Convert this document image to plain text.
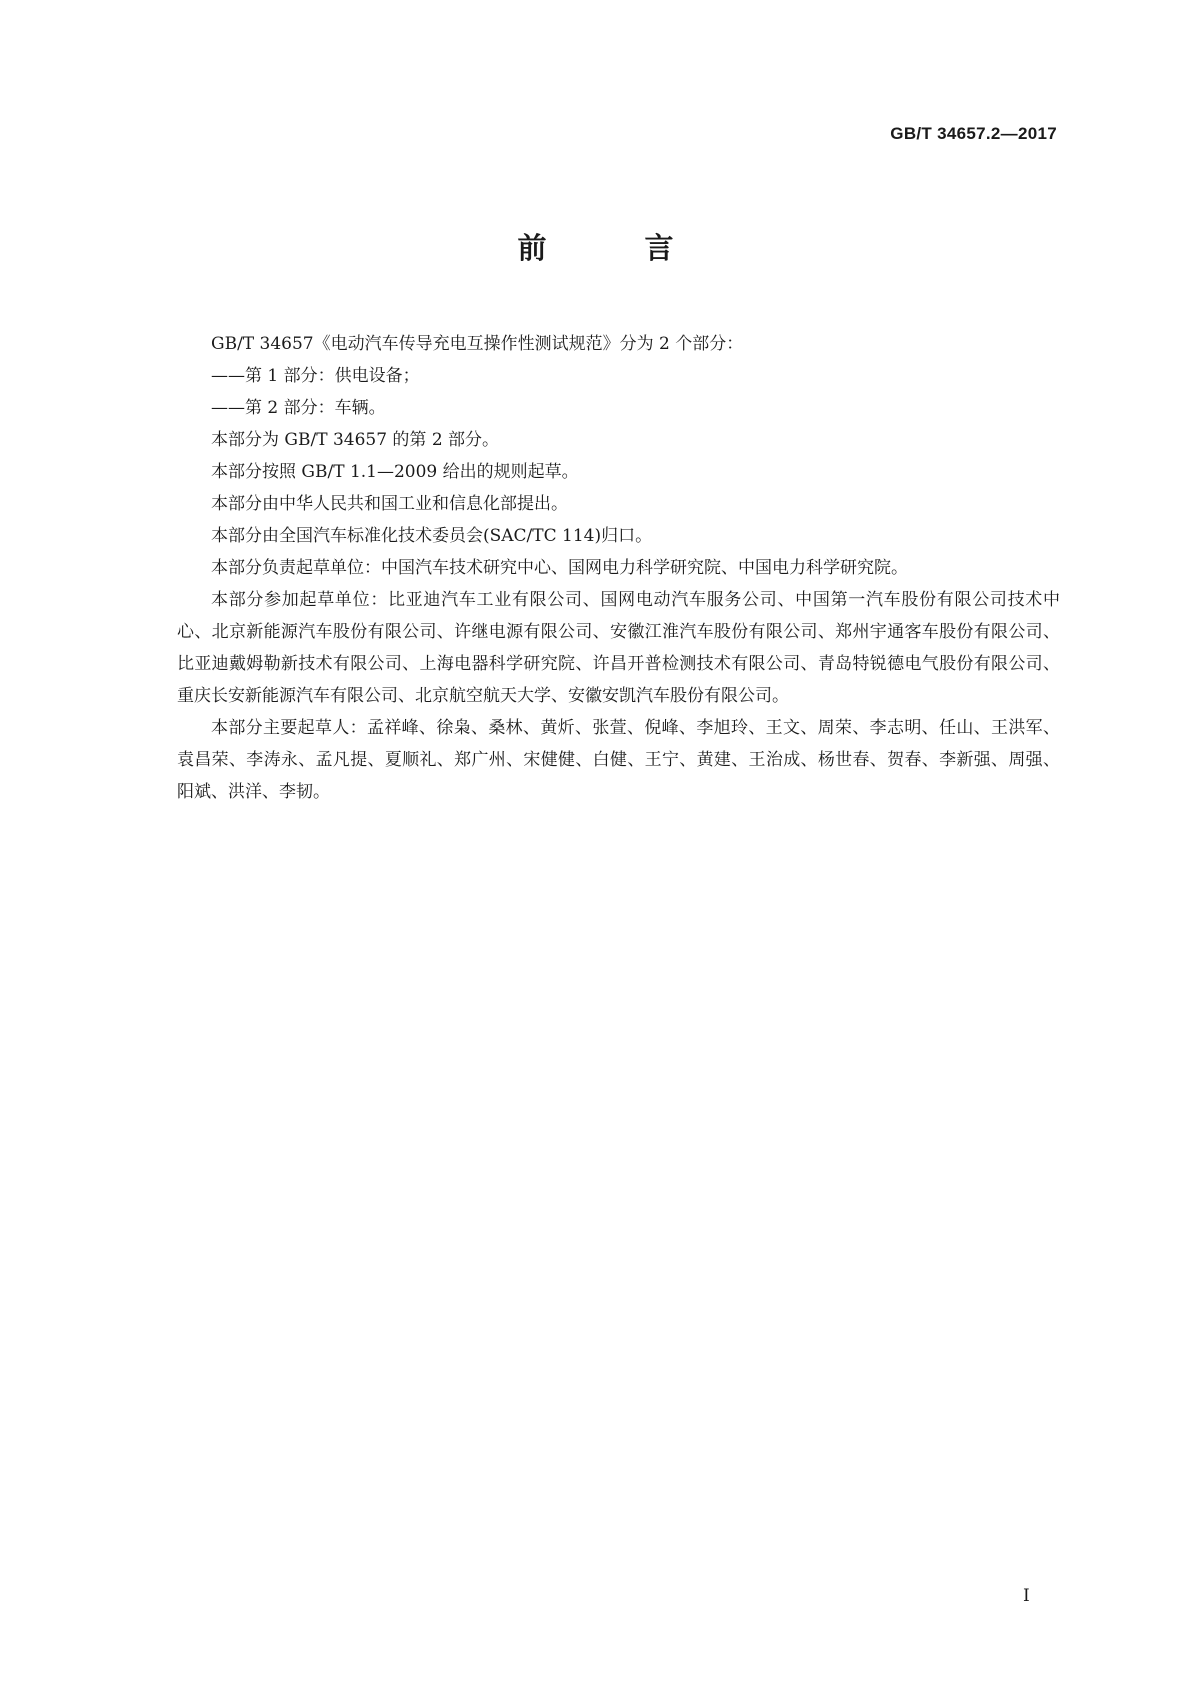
GB/T 34657.2—2017
前 言

GB/T 34657《电动汽车传导充电互操作性测试规范》分为 2 个部分：

——第 1 部分：供电设备；

——第 2 部分：车辆。

本部分为 GB/T 34657 的第 2 部分。

本部分按照 GB/T 1.1—2009 给出的规则起草。

本部分由中华人民共和国工业和信息化部提出。

本部分由全国汽车标准化技术委员会(SAC/TC 114)归口。

本部分负责起草单位：中国汽车技术研究中心、国网电力科学研究院、中国电力科学研究院。

本部分参加起草单位：比亚迪汽车工业有限公司、国网电动汽车服务公司、中国第一汽车股份有限公司技术中心、北京新能源汽车股份有限公司、许继电源有限公司、安徽江淮汽车股份有限公司、郑州宇通客车股份有限公司、比亚迪戴姆勒新技术有限公司、上海电器科学研究院、许昌开普检测技术有限公司、青岛特锐德电气股份有限公司、重庆长安新能源汽车有限公司、北京航空航天大学、安徽安凯汽车股份有限公司。

本部分主要起草人：孟祥峰、徐枭、桑林、黄炘、张萱、倪峰、李旭玲、王文、周荣、李志明、任山、王洪军、袁昌荣、李涛永、孟凡提、夏顺礼、郑广州、宋健健、白健、王宁、黄建、王治成、杨世春、贺春、李新强、周强、阳斌、洪洋、李韧。

I
